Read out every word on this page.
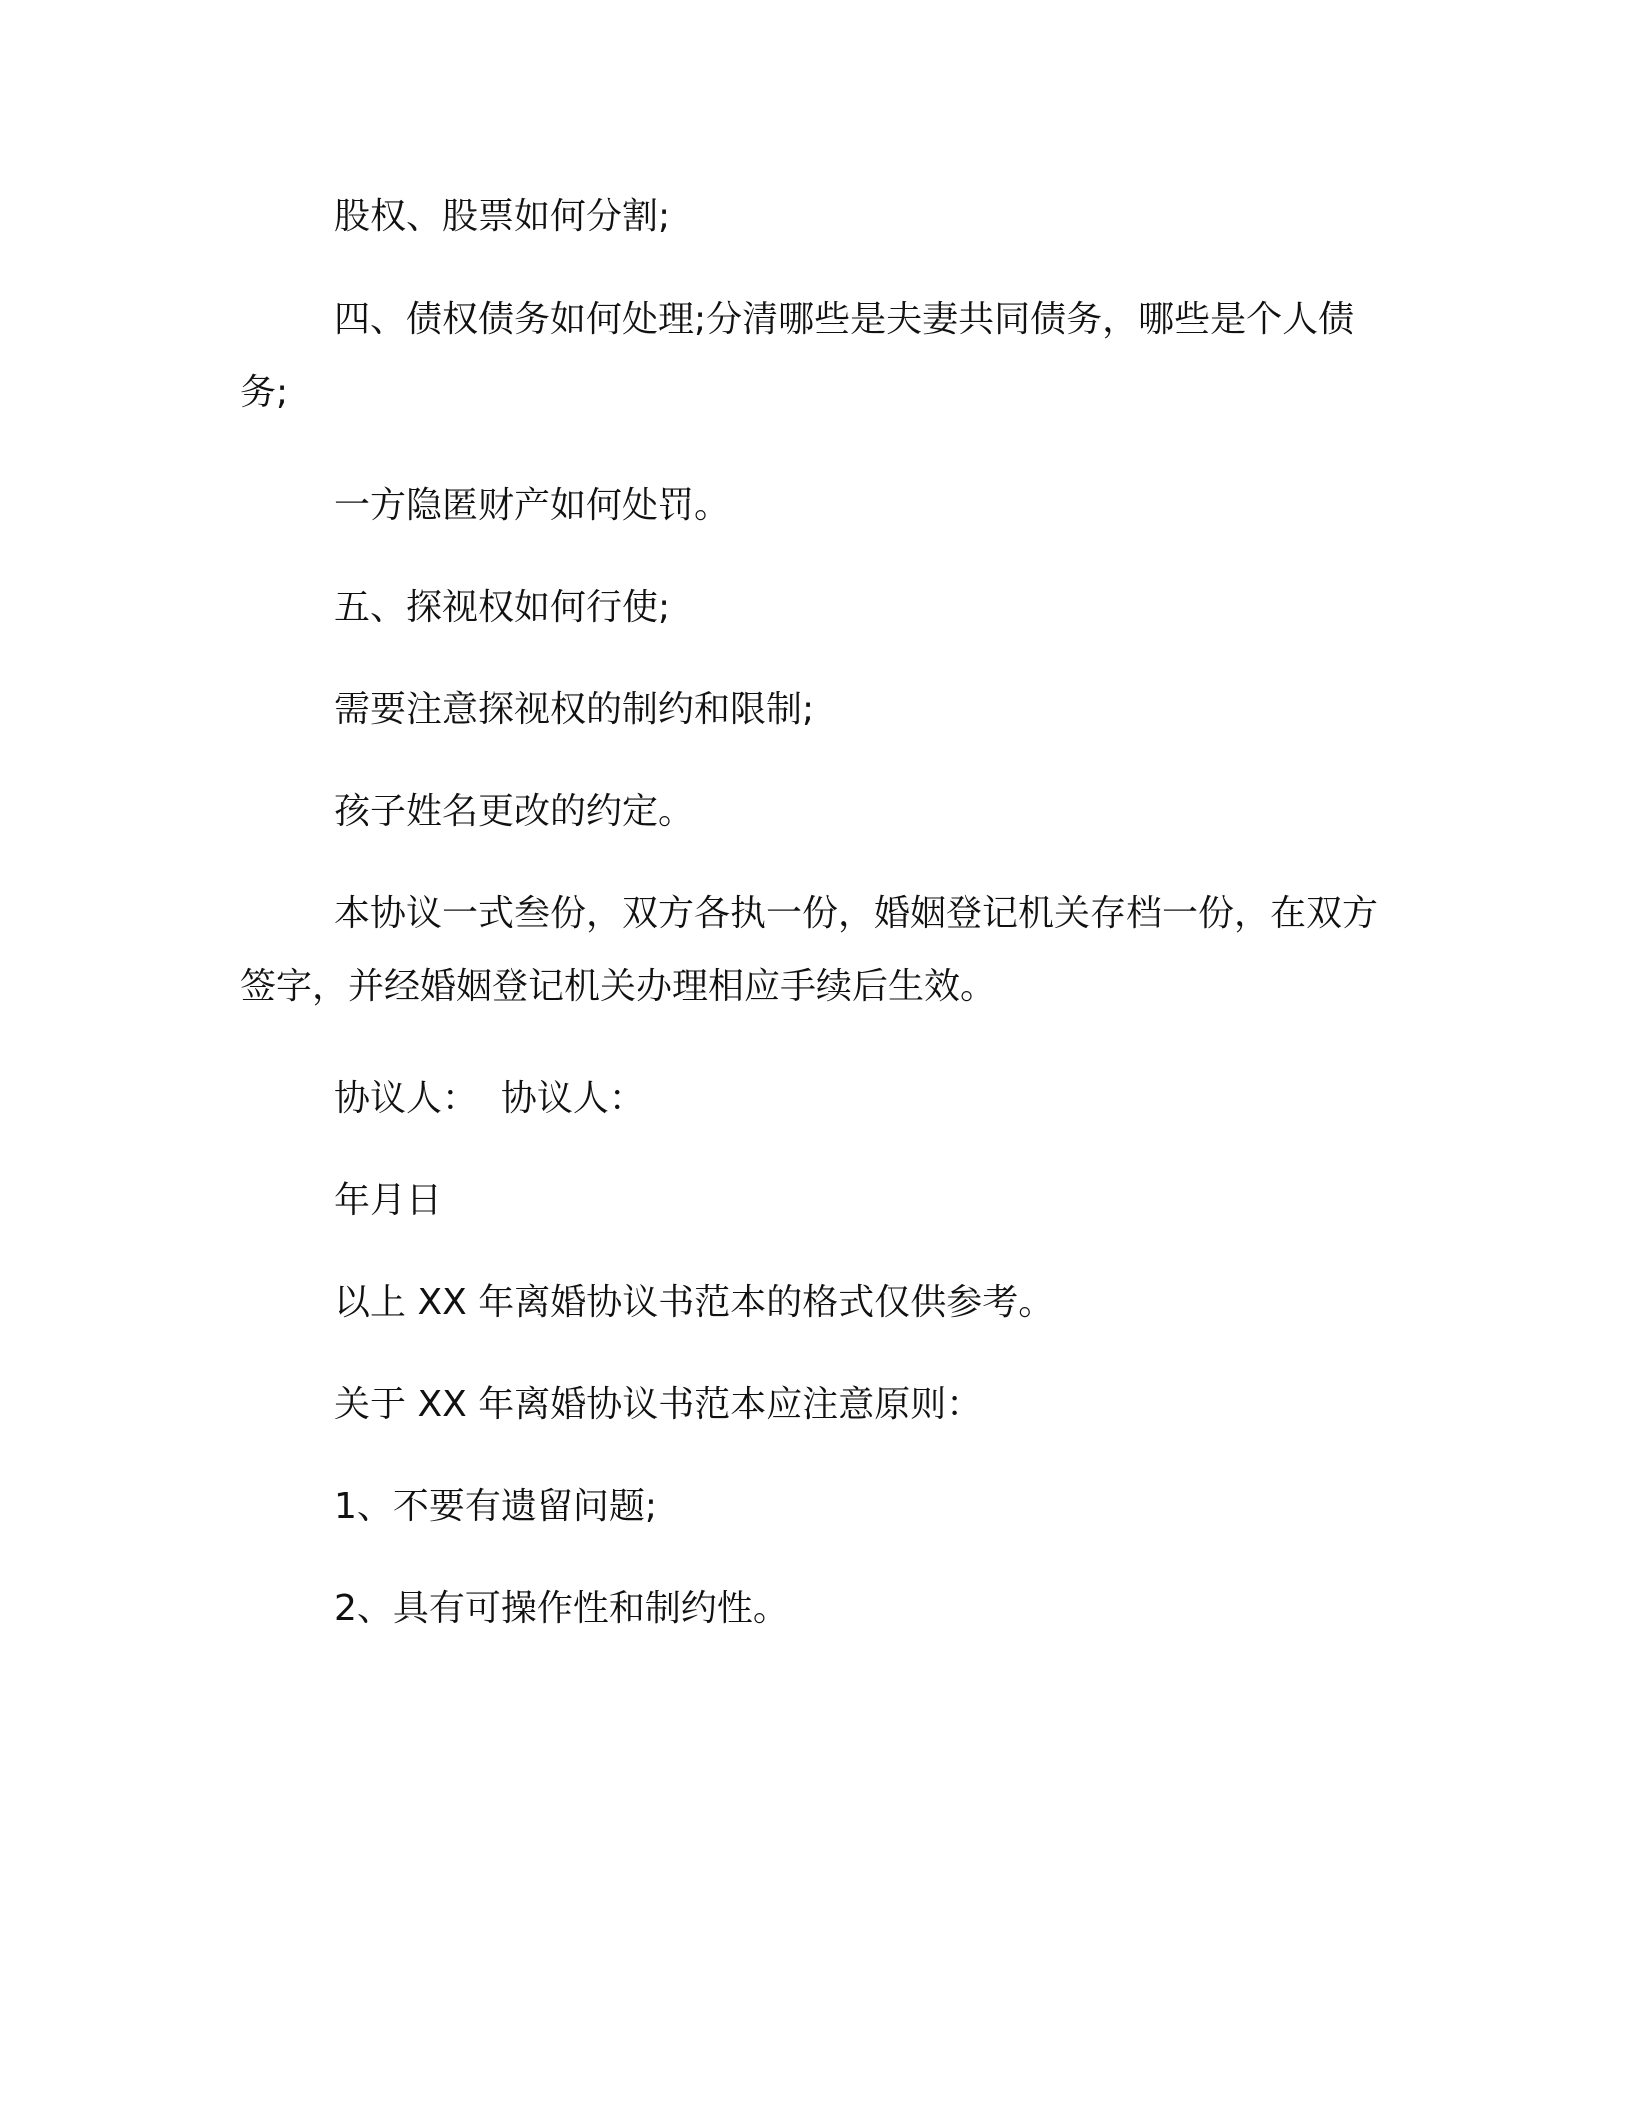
股权、股票如何分割;

四、债权债务如何处理;分清哪些是夫妻共同债务，哪些是个人债务;

一方隐匿财产如何处罚。

五、探视权如何行使;

需要注意探视权的制约和限制;

孩子姓名更改的约定。

本协议一式叁份，双方各执一份，婚姻登记机关存档一份，在双方签字，并经婚姻登记机关办理相应手续后生效。

协议人：  协议人：

年月日

以上 XX 年离婚协议书范本的格式仅供参考。

关于 XX 年离婚协议书范本应注意原则：

1、不要有遗留问题;

2、具有可操作性和制约性。
